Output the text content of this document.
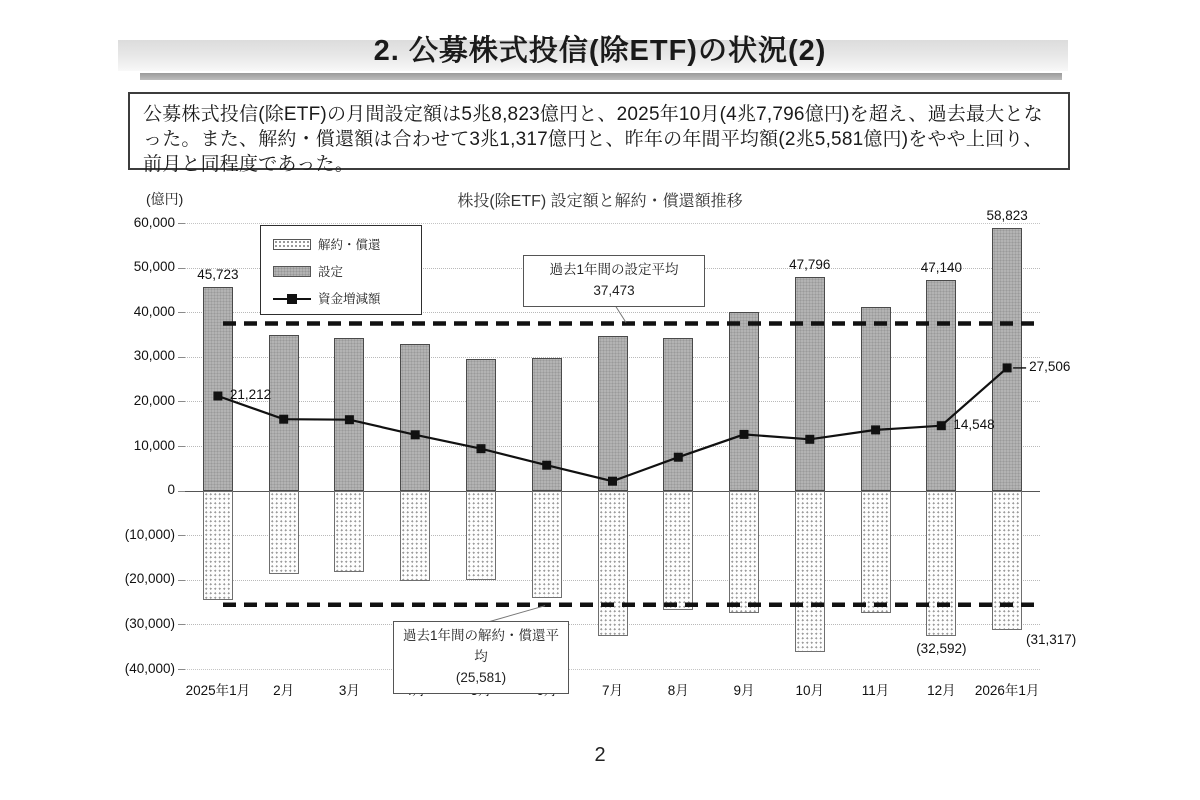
2. 公募株式投信(除ETF)の状況(2)

公募株式投信(除ETF)の月間設定額は5兆8,823億円と、2025年10月(4兆7,796億円)を超え、過去最大となった。また、解約・償還額は合わせて3兆1,317億円と、昨年の年間平均額(2兆5,581億円)をやや上回り、前月と同程度であった。

株投(除ETF) 設定額と解約・償還額推移
(億円)
60,000
50,000
40,000
30,000
20,000
10,000
0
(10,000)
(20,000)
(30,000)
(40,000)
2025年1月	2月	3月	7月	8月	9月	10月	11月	12月	2026年1月
解約・償還
設定
資金増減額
過去1年間の設定平均
37,473
過去1年間の解約・償還平均
(25,581)
45,723
47,796	47,140
58,823
(32,592)
(31,317)
21,212
14,548
27,506
2
